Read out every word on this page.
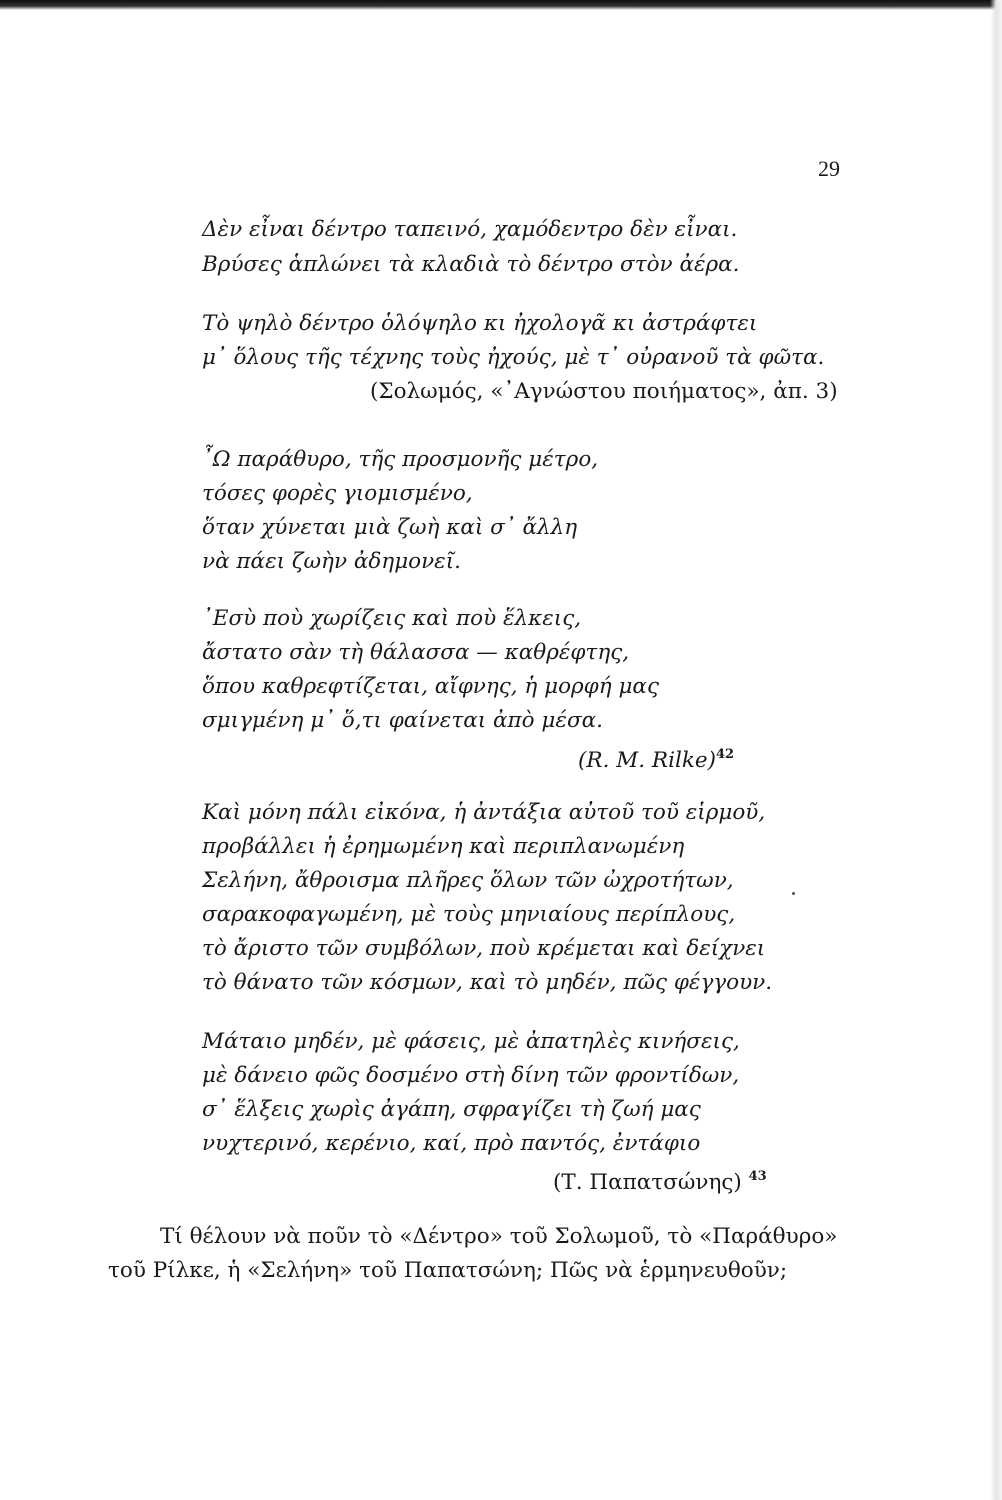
29
Δὲν εἶναι δέντρο ταπεινό, χαμόδεντρο δὲν εἶναι.
Βρύσες ἁπλώνει τὰ κλαδιὰ τὸ δέντρο στὸν ἀέρα.
Τὸ ψηλὸ δέντρο ὁλόψηλο κι ἠχολογᾶ κι ἀστράφτει
μ᾿ ὅλους τῆς τέχνης τοὺς ἠχούς, μὲ τ᾿ οὐρανοῦ τὰ φῶτα.
(Σολωμός, «᾿Αγνώστου ποιήματος», ἀπ. 3)
῏Ω παράθυρο, τῆς προσμονῆς μέτρο,
τόσες φορὲς γιομισμένο,
ὅταν χύνεται μιὰ ζωὴ καὶ σ᾿ ἄλλη
νὰ πάει ζωὴν ἀδημονεῖ.
᾿Εσὺ ποὺ χωρίζεις καὶ ποὺ ἕλκεις,
ἄστατο σὰν τὴ θάλασσα — καθρέφτης,
ὅπου καθρεφτίζεται, αἴφνης, ἡ μορφή μας
σμιγμένη μ᾿ ὅ,τι φαίνεται ἀπὸ μέσα.
(R. M. Rilke)$^{42}$
Καὶ μόνη πάλι εἰκόνα, ἡ ἀντάξια αὐτοῦ τοῦ εἱρμοῦ,
προβάλλει ἡ ἐρημωμένη καὶ περιπλανωμένη
Σελήνη, ἄθροισμα πλῆρες ὅλων τῶν ὠχροτήτων,
σαρακοφαγωμένη, μὲ τοὺς μηνιαίους περίπλους,
τὸ ἄριστο τῶν συμβόλων, ποὺ κρέμεται καὶ δείχνει
τὸ θάνατο τῶν κόσμων, καὶ τὸ μηδέν, πῶς φέγγουν.
Μάταιο μηδέν, μὲ φάσεις, μὲ ἀπατηλὲς κινήσεις,
μὲ δάνειο φῶς δοσμένο στὴ δίνη τῶν φροντίδων,
σ᾿ ἕλξεις χωρὶς ἀγάπη, σφραγίζει τὴ ζωή μας
νυχτερινό, κερένιο, καί, πρὸ παντός, ἐντάφιο
(Τ. Παπατσώνης) $^{43}$
Τί θέλουν νὰ ποῦν τὸ «Δέντρο» τοῦ Σολωμοῦ, τὸ «Παράθυρο»
τοῦ Ρίλκε, ἡ «Σελήνη» τοῦ Παπατσώνη; Πῶς νὰ ἑρμηνευθοῦν;
